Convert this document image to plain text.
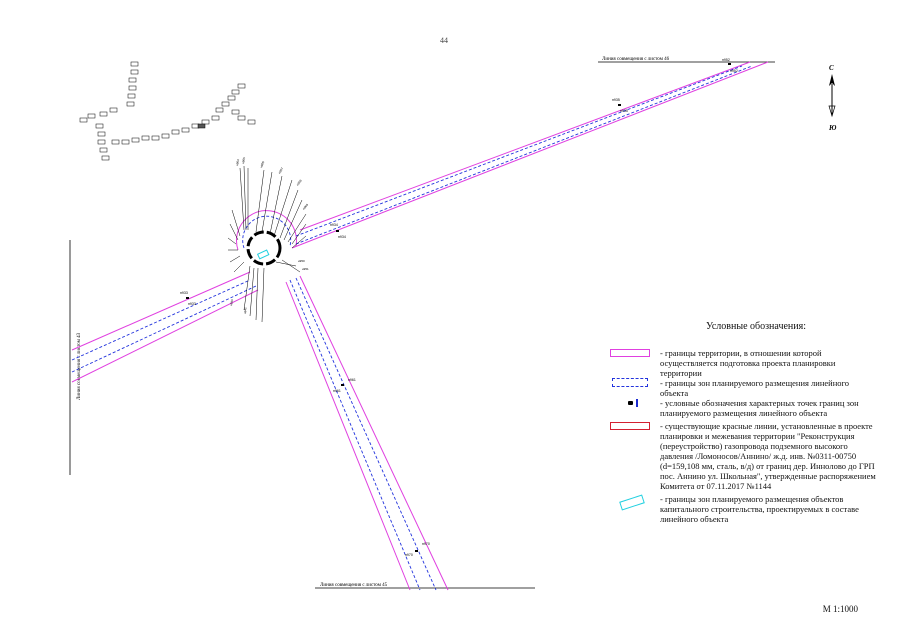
Линия совмещения с листом 46
Линия совмещения с листом 43
Линия совмещения с листом 45
н952
н952
н935
н935
н934
н934
н933
н933
н961
н961
н970
н970
н964 н965
н966
н967
н968
н969
н940
н941
н950
н951
С
Ю
44
Условные обозначения:
- границы территории, в отношении которой осуществляется подготовка проекта планировки территории
- границы зон планируемого размещения линейного объекта
- условные обозначения характерных точек границ зон планируемого размещения линейного объекта
- существующие красные линии, установленные в проекте планировки и межевания территории "Реконструкция (переустройство) газопровода подземного высокого давления /Ломоносов/Аннино/ ж.д. инв. №0311-00750 (d=159,108 мм, сталь, в/д) от границ дер. Иннолово до ГРП пос. Аннино ул. Школьная", утвержденные распоряжением Комитета от 07.11.2017 №1144
- границы зон планируемого размещения объектов капитального строительства, проектируемых в составе линейного объекта
М 1:1000
